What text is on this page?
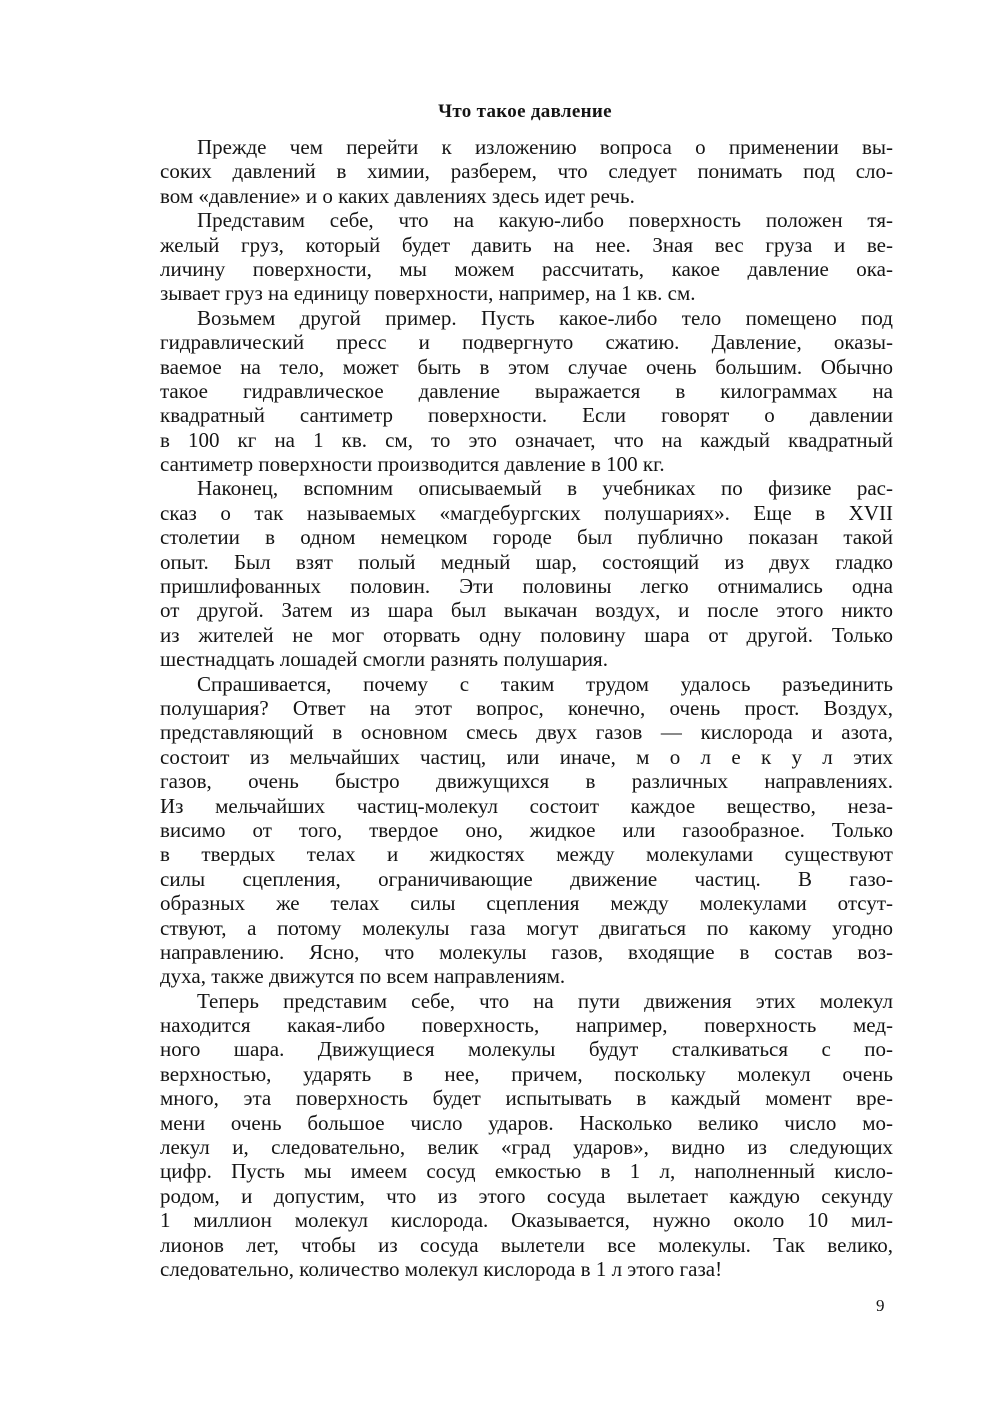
Что такое давление
Прежде чем перейти к изложению вопроса о применении вы-
соких давлений в химии, разберем, что следует понимать под сло-
вом «давление» и о каких давлениях здесь идет речь.
Представим себе, что на какую-либо поверхность положен тя-
желый груз, который будет давить на нее. Зная вес груза и ве-
личину поверхности, мы можем рассчитать, какое давление ока-
зывает груз на единицу поверхности, например, на 1 кв. см.
Возьмем другой пример. Пусть какое-либо тело помещено под
гидравлический пресс и подвергнуто сжатию. Давление, оказы-
ваемое на тело, может быть в этом случае очень большим. Обычно
такое гидравлическое давление выражается в килограммах на
квадратный сантиметр поверхности. Если говорят о давлении
в 100 кг на 1 кв. см, то это означает, что на каждый квадратный
сантиметр поверхности производится давление в 100 кг.
Наконец, вспомним описываемый в учебниках по физике рас-
сказ о так называемых «магдебургских полушариях». Еще в XVII
столетии в одном немецком городе был публично показан такой
опыт. Был взят полый медный шар, состоящий из двух гладко
пришлифованных половин. Эти половины легко отнимались одна
от другой. Затем из шара был выкачан воздух, и после этого никто
из жителей не мог оторвать одну половину шара от другой. Только
шестнадцать лошадей смогли разнять полушария.
Спрашивается, почему с таким трудом удалось разъединить
полушария? Ответ на этот вопрос, конечно, очень прост. Воздух,
представляющий в основном смесь двух газов — кислорода и азота,
состоит из мельчайших частиц, или иначе, м о л е к у л этих
газов, очень быстро движущихся в различных направлениях.
Из мельчайших частиц-молекул состоит каждое вещество, неза-
висимо от того, твердое оно, жидкое или газообразное. Только
в твердых телах и жидкостях между молекулами существуют
силы сцепления, ограничивающие движение частиц. В газо-
образных же телах силы сцепления между молекулами отсут-
ствуют, а потому молекулы газа могут двигаться по какому угодно
направлению. Ясно, что молекулы газов, входящие в состав воз-
духа, также движутся по всем направлениям.
Теперь представим себе, что на пути движения этих молекул
находится какая-либо поверхность, например, поверхность мед-
ного шара. Движущиеся молекулы будут сталкиваться с по-
верхностью, ударять в нее, причем, поскольку молекул очень
много, эта поверхность будет испытывать в каждый момент вре-
мени очень большое число ударов. Насколько велико число мо-
лекул и, следовательно, велик «град ударов», видно из следующих
цифр. Пусть мы имеем сосуд емкостью в 1 л, наполненный кисло-
родом, и допустим, что из этого сосуда вылетает каждую секунду
1 миллион молекул кислорода. Оказывается, нужно около 10 мил-
лионов лет, чтобы из сосуда вылетели все молекулы. Так велико,
следовательно, количество молекул кислорода в 1 л этого газа!
9
